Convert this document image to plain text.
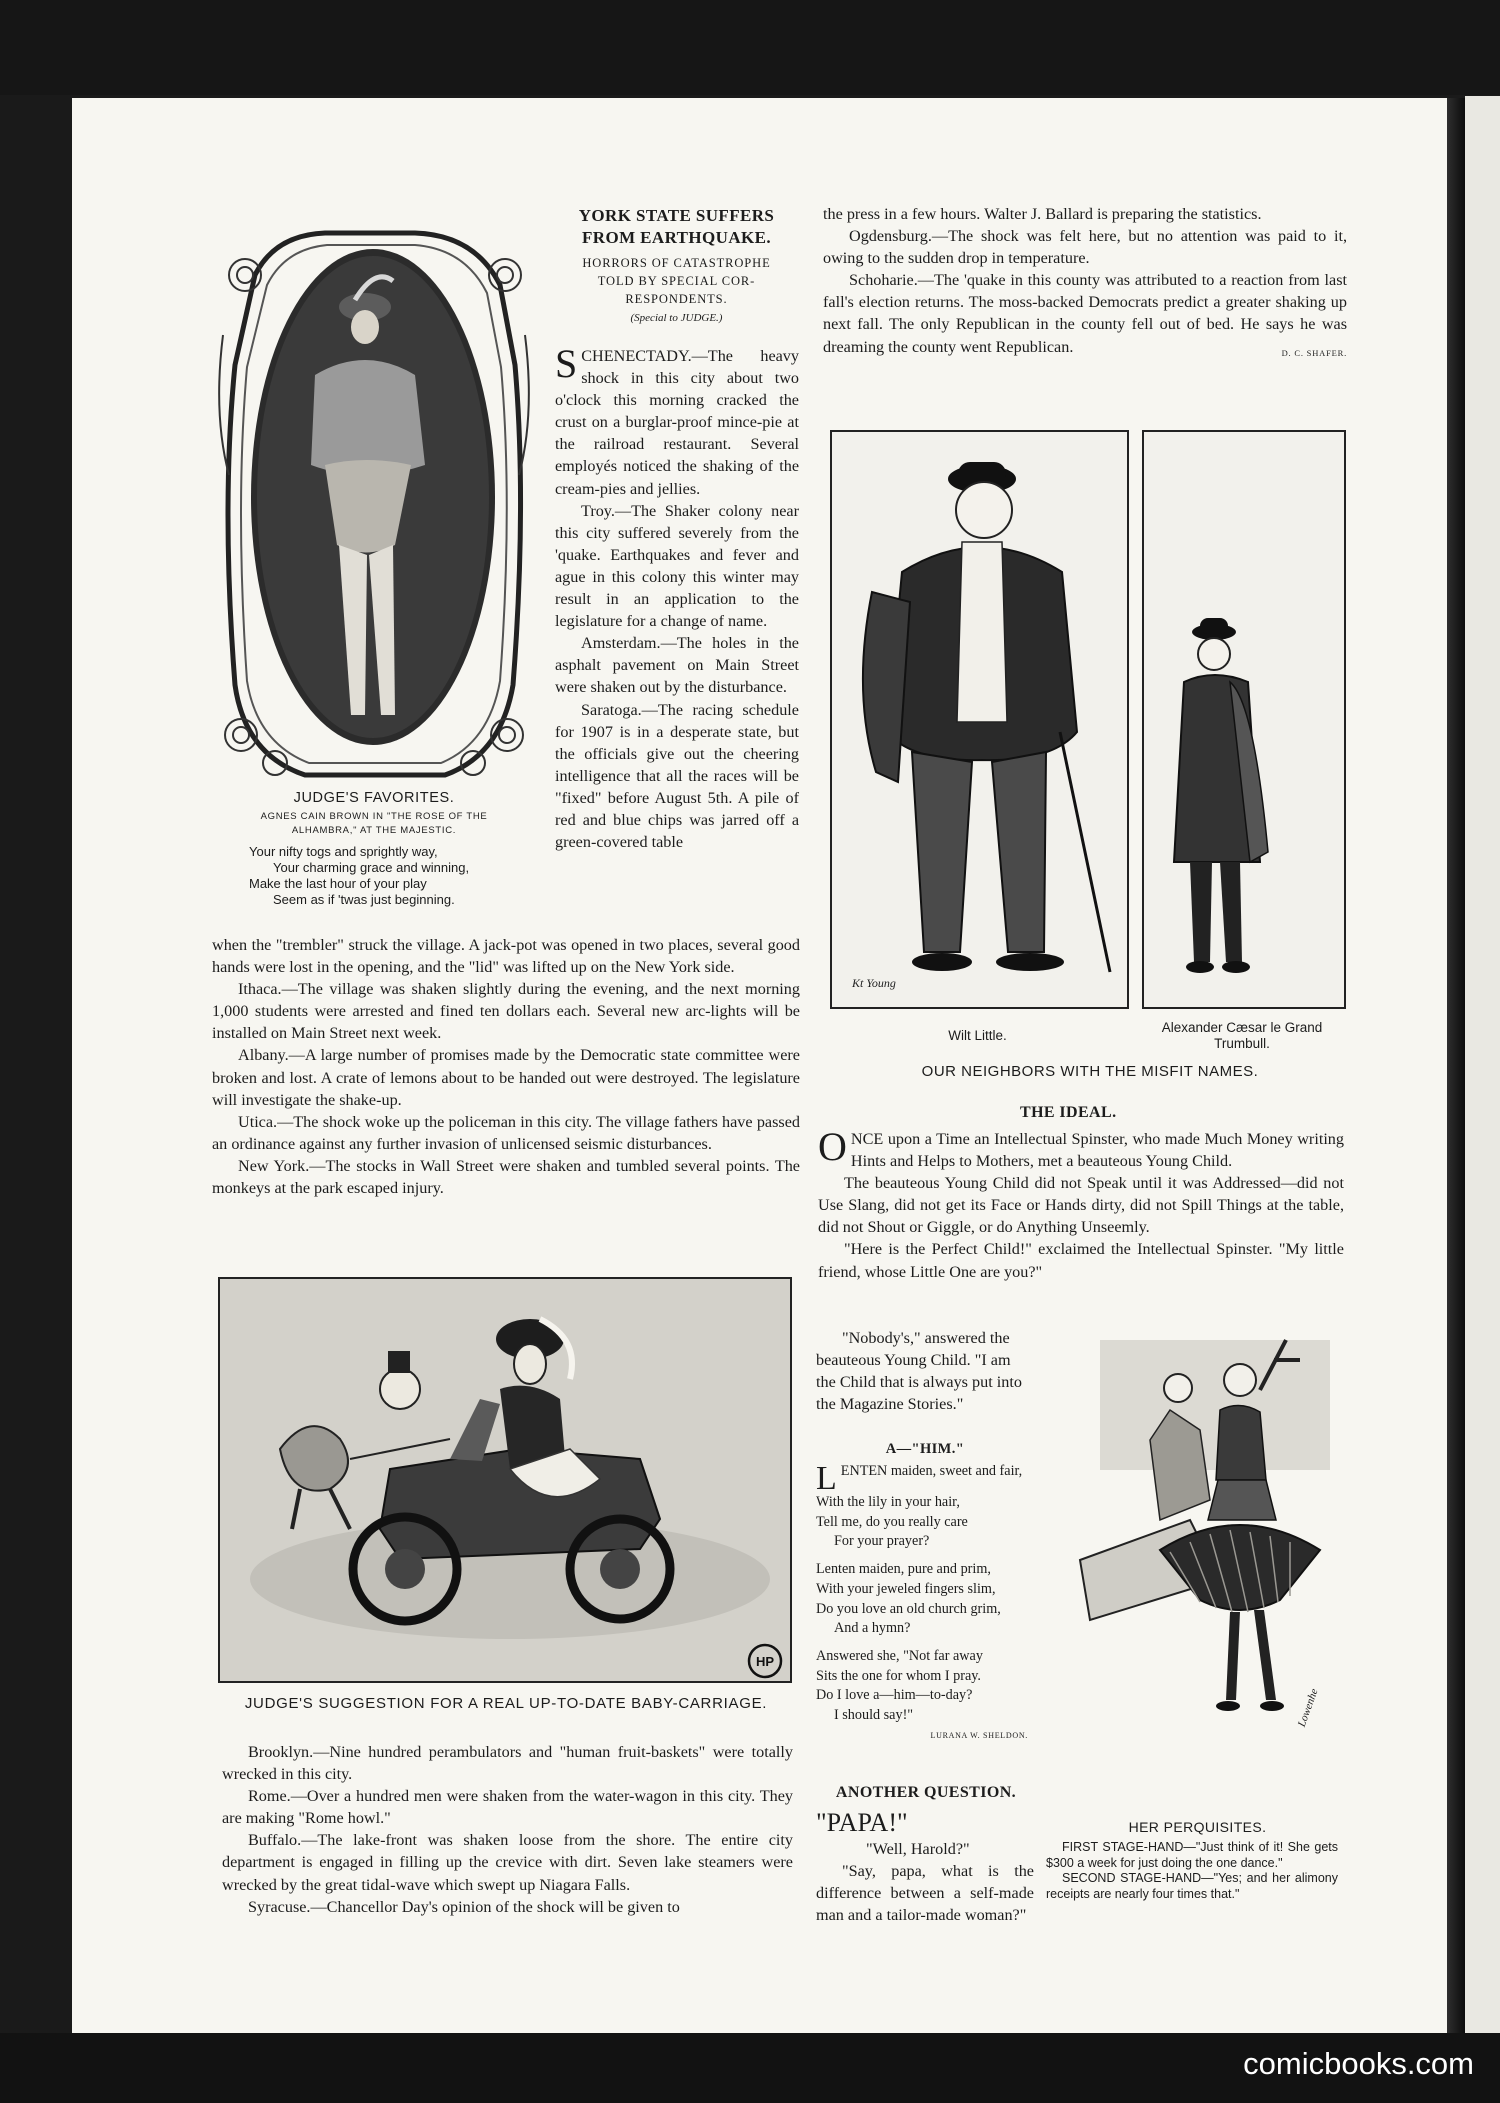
JUDGE'S FAVORITES.
AGNES CAIN BROWN IN "THE ROSE OF THE
ALHAMBRA," AT THE MAJESTIC.
Your nifty togs and sprightly way,
Your charming grace and winning,
Make the last hour of your play
Seem as if 'twas just beginning.
YORK STATE SUFFERS
FROM EARTHQUAKE.
HORRORS OF CATASTROPHE
TOLD BY SPECIAL COR-
RESPONDENTS.
(Special to JUDGE.)

SCHENECTADY.—The heavy shock in this city about two o'clock this morning cracked the crust on a burglar-proof mince-pie at the railroad restaurant. Several employés noticed the shaking of the cream-pies and jellies.

Troy.—The Shaker colony near this city suffered severely from the 'quake. Earthquakes and fever and ague in this colony this winter may result in an application to the legislature for a change of name.

Amsterdam.—The holes in the asphalt pavement on Main Street were shaken out by the disturbance.

Saratoga.—The racing schedule for 1907 is in a desperate state, but the officials give out the cheering intelligence that all the races will be "fixed" before August 5th. A pile of red and blue chips was jarred off a green-covered table

when the "trembler" struck the village. A jack-pot was opened in two places, several good hands were lost in the opening, and the "lid" was lifted up on the New York side.

Ithaca.—The village was shaken slightly during the evening, and the next morning 1,000 students were arrested and fined ten dollars each. Several new arc-lights will be installed on Main Street next week.

Albany.—A large number of promises made by the Democratic state committee were broken and lost. A crate of lemons about to be handed out were destroyed. The legislature will investigate the shake-up.

Utica.—The shock woke up the policeman in this city. The village fathers have passed an ordinance against any further invasion of unlicensed seismic disturbances.

New York.—The stocks in Wall Street were shaken and tumbled several points. The monkeys at the park escaped injury.

HP
JUDGE'S SUGGESTION FOR A REAL UP-TO-DATE BABY-CARRIAGE.

Brooklyn.—Nine hundred perambulators and "human fruit-baskets" were totally wrecked in this city.

Rome.—Over a hundred men were shaken from the water-wagon in this city. They are making "Rome howl."

Buffalo.—The lake-front was shaken loose from the shore. The entire city department is engaged in filling up the crevice with dirt. Seven lake steamers were wrecked by the great tidal-wave which swept up Niagara Falls.

Syracuse.—Chancellor Day's opinion of the shock will be given to

the press in a few hours. Walter J. Ballard is preparing the statistics.

Ogdensburg.—The shock was felt here, but no attention was paid to it, owing to the sudden drop in temperature.

Schoharie.—The 'quake in this county was attributed to a reaction from last fall's election returns. The moss-backed Democrats predict a greater shaking up next fall. The only Republican in the county fell out of bed. He says he was dreaming the county went Republican.	D. C. SHAFER.
Kt Young
Wilt Little.
Alexander Cæsar le Grand
Trumbull.
OUR NEIGHBORS WITH THE MISFIT NAMES.
THE IDEAL.

ONCE upon a Time an Intellectual Spinster, who made Much Money writing Hints and Helps to Mothers, met a beauteous Young Child.

The beauteous Young Child did not Speak until it was Addressed—did not Use Slang, did not get its Face or Hands dirty, did not Spill Things at the table, did not Shout or Giggle, or do Anything Unseemly.

"Here is the Perfect Child!" exclaimed the Intellectual Spinster. "My little friend, whose Little One are you?"

"Nobody's," answered the beauteous Young Child. "I am the Child that is always put into the Magazine Stories."

A—"HIM."

LENTEN maiden, sweet and fair,

With the lily in your hair,

Tell me, do you really care

For your prayer?

Lenten maiden, pure and prim,

With your jeweled fingers slim,

Do you love an old church grim,

And a hymn?

Answered she, "Not far away

Sits the one for whom I pray.

Do I love a—him—to-day?

I should say!"

LURANA W. SHELDON.
ANOTHER QUESTION.

"PAPA!"

"Well, Harold?"

"Say, papa, what is the difference between a self-made man and a tailor-made woman?"

Lowenhe
HER PERQUISITES.

FIRST STAGE-HAND—"Just think of it! She gets $300 a week for just doing the one dance."

SECOND STAGE-HAND—"Yes; and her alimony receipts are nearly four times that."

comicbooks.com
